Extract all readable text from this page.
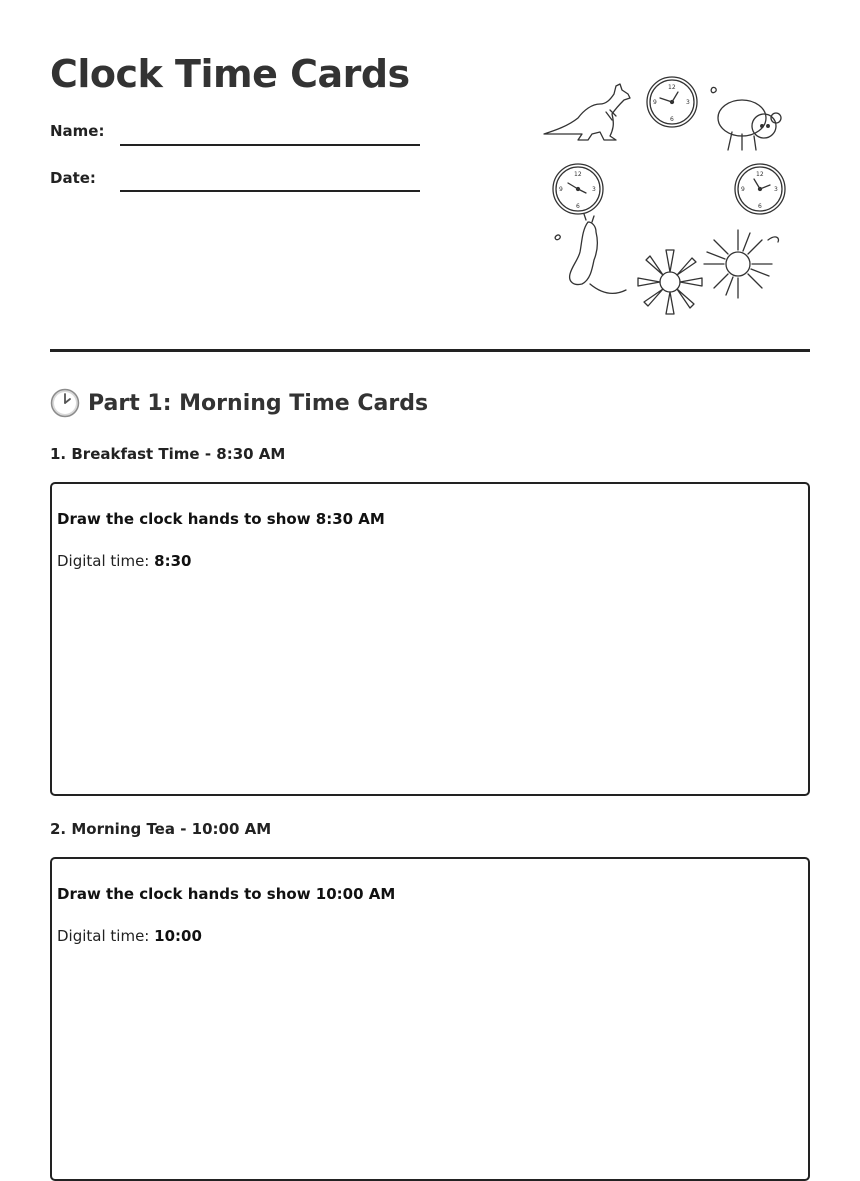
Clock Time Cards
Name:
Date:
12
3
6
9
12
3
6
9
12
3
6
9
Part 1: Morning Time Cards
1. Breakfast Time - 8:30 AM
Draw the clock hands to show 8:30 AM
Digital time: 8:30
2. Morning Tea - 10:00 AM
Draw the clock hands to show 10:00 AM
Digital time: 10:00
